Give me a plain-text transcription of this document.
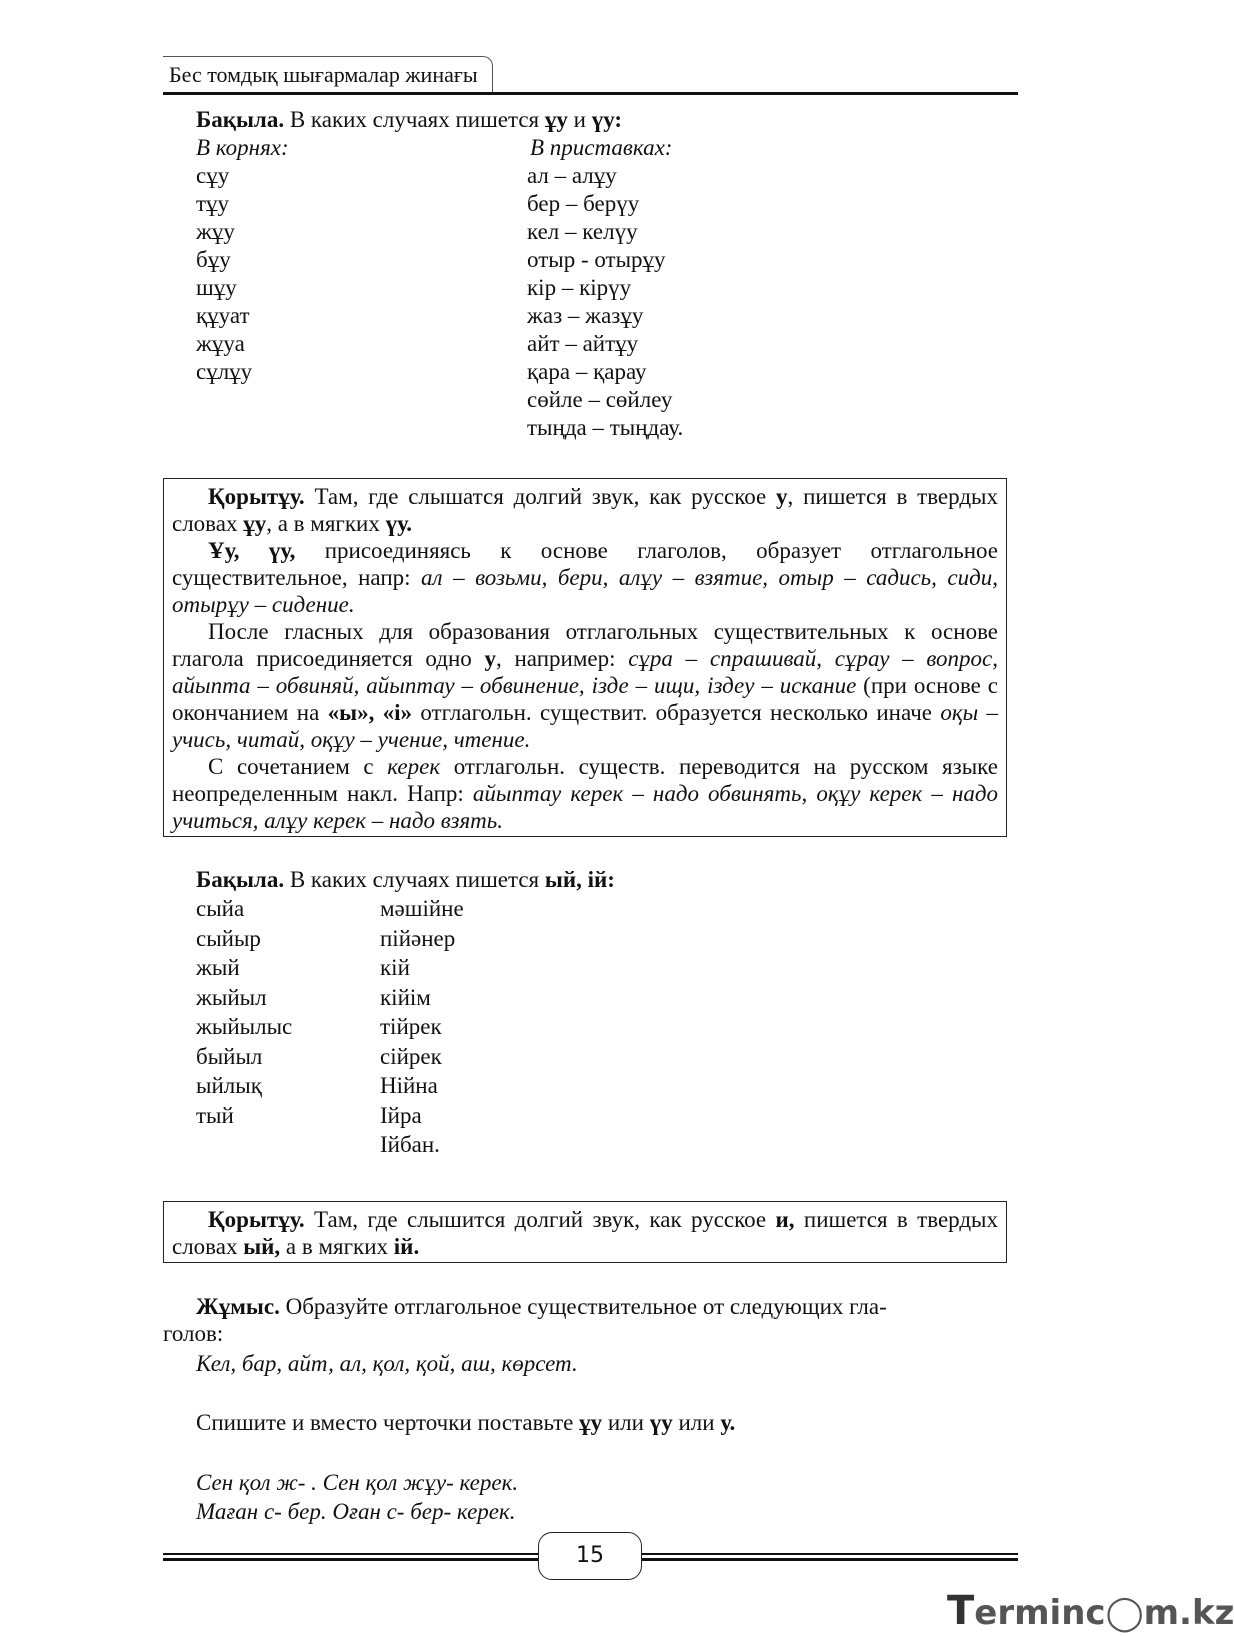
Бес томдық шығармалар жинағы
Бақыла. В каких случаях пишется ұу и үу:
В корнях:	В приставках:
сұу
тұу
жұу
бұу
шұу
құуат
жұуа
сұлұу
ал – алұу
бер – берүу
кел – келүу
отыр - отырұу
кір – кірүу
жаз – жазұу
айт – айтұу
қара – қарау
сөйле – сөйлеу
тыңда – тыңдау.

Қорытұу. Там, где слышатся долгий звук, как русское у, пишется в твердых словах ұу, а в мягких үу.

Ұу, үу, присоединяясь к основе глаголов, образует отглагольное существительное, напр: ал – возьми, бери, алұу – взятие, отыр – садись, сиди, отырұу – сидение.

После гласных для образования отглагольных существительных к основе глагола присоединяется одно у, например: сұра – спрашивай, сұрау – вопрос, айыпта – обвиняй, айыптау – обвинение, ізде – ищи, іздеу – искание (при основе с окончанием на «ы», «і» отглагольн. существит. образуется несколько иначе оқы – учись, читай, оқұу – учение, чтение.

С сочетанием с керек отглагольн. существ. переводится на русском языке неопределенным накл. Напр: айыптау керек – надо обвинять, оқұу керек – надо учиться, алұу керек – надо взять.

Бақыла. В каких случаях пишется ый, ій:
сыйа
сыйыр
жый
жыйыл
жыйылыс
быйыл
ыйлық
тый
мәшійне
пійәнер
кій
кійім
тійрек
сійрек
Нійна
Ійра
Ійбан.

Қорытұу. Там, где слышится долгий звук, как русское и, пишется в твердых словах ый, а в мягких ій.

Жұмыс. Образуйте отглагольное существительное от следующих гла-
голов:
Кел, бар, айт, ал, қол, қой, аш, көрсет.
Спишите и вместо черточки поставьте ұу или үу или у.
Сен қол ж- . Сен қол жұу- керек.
Маған с- бер. Оған с- бер- керек.
15
Terminc◯m.kz
